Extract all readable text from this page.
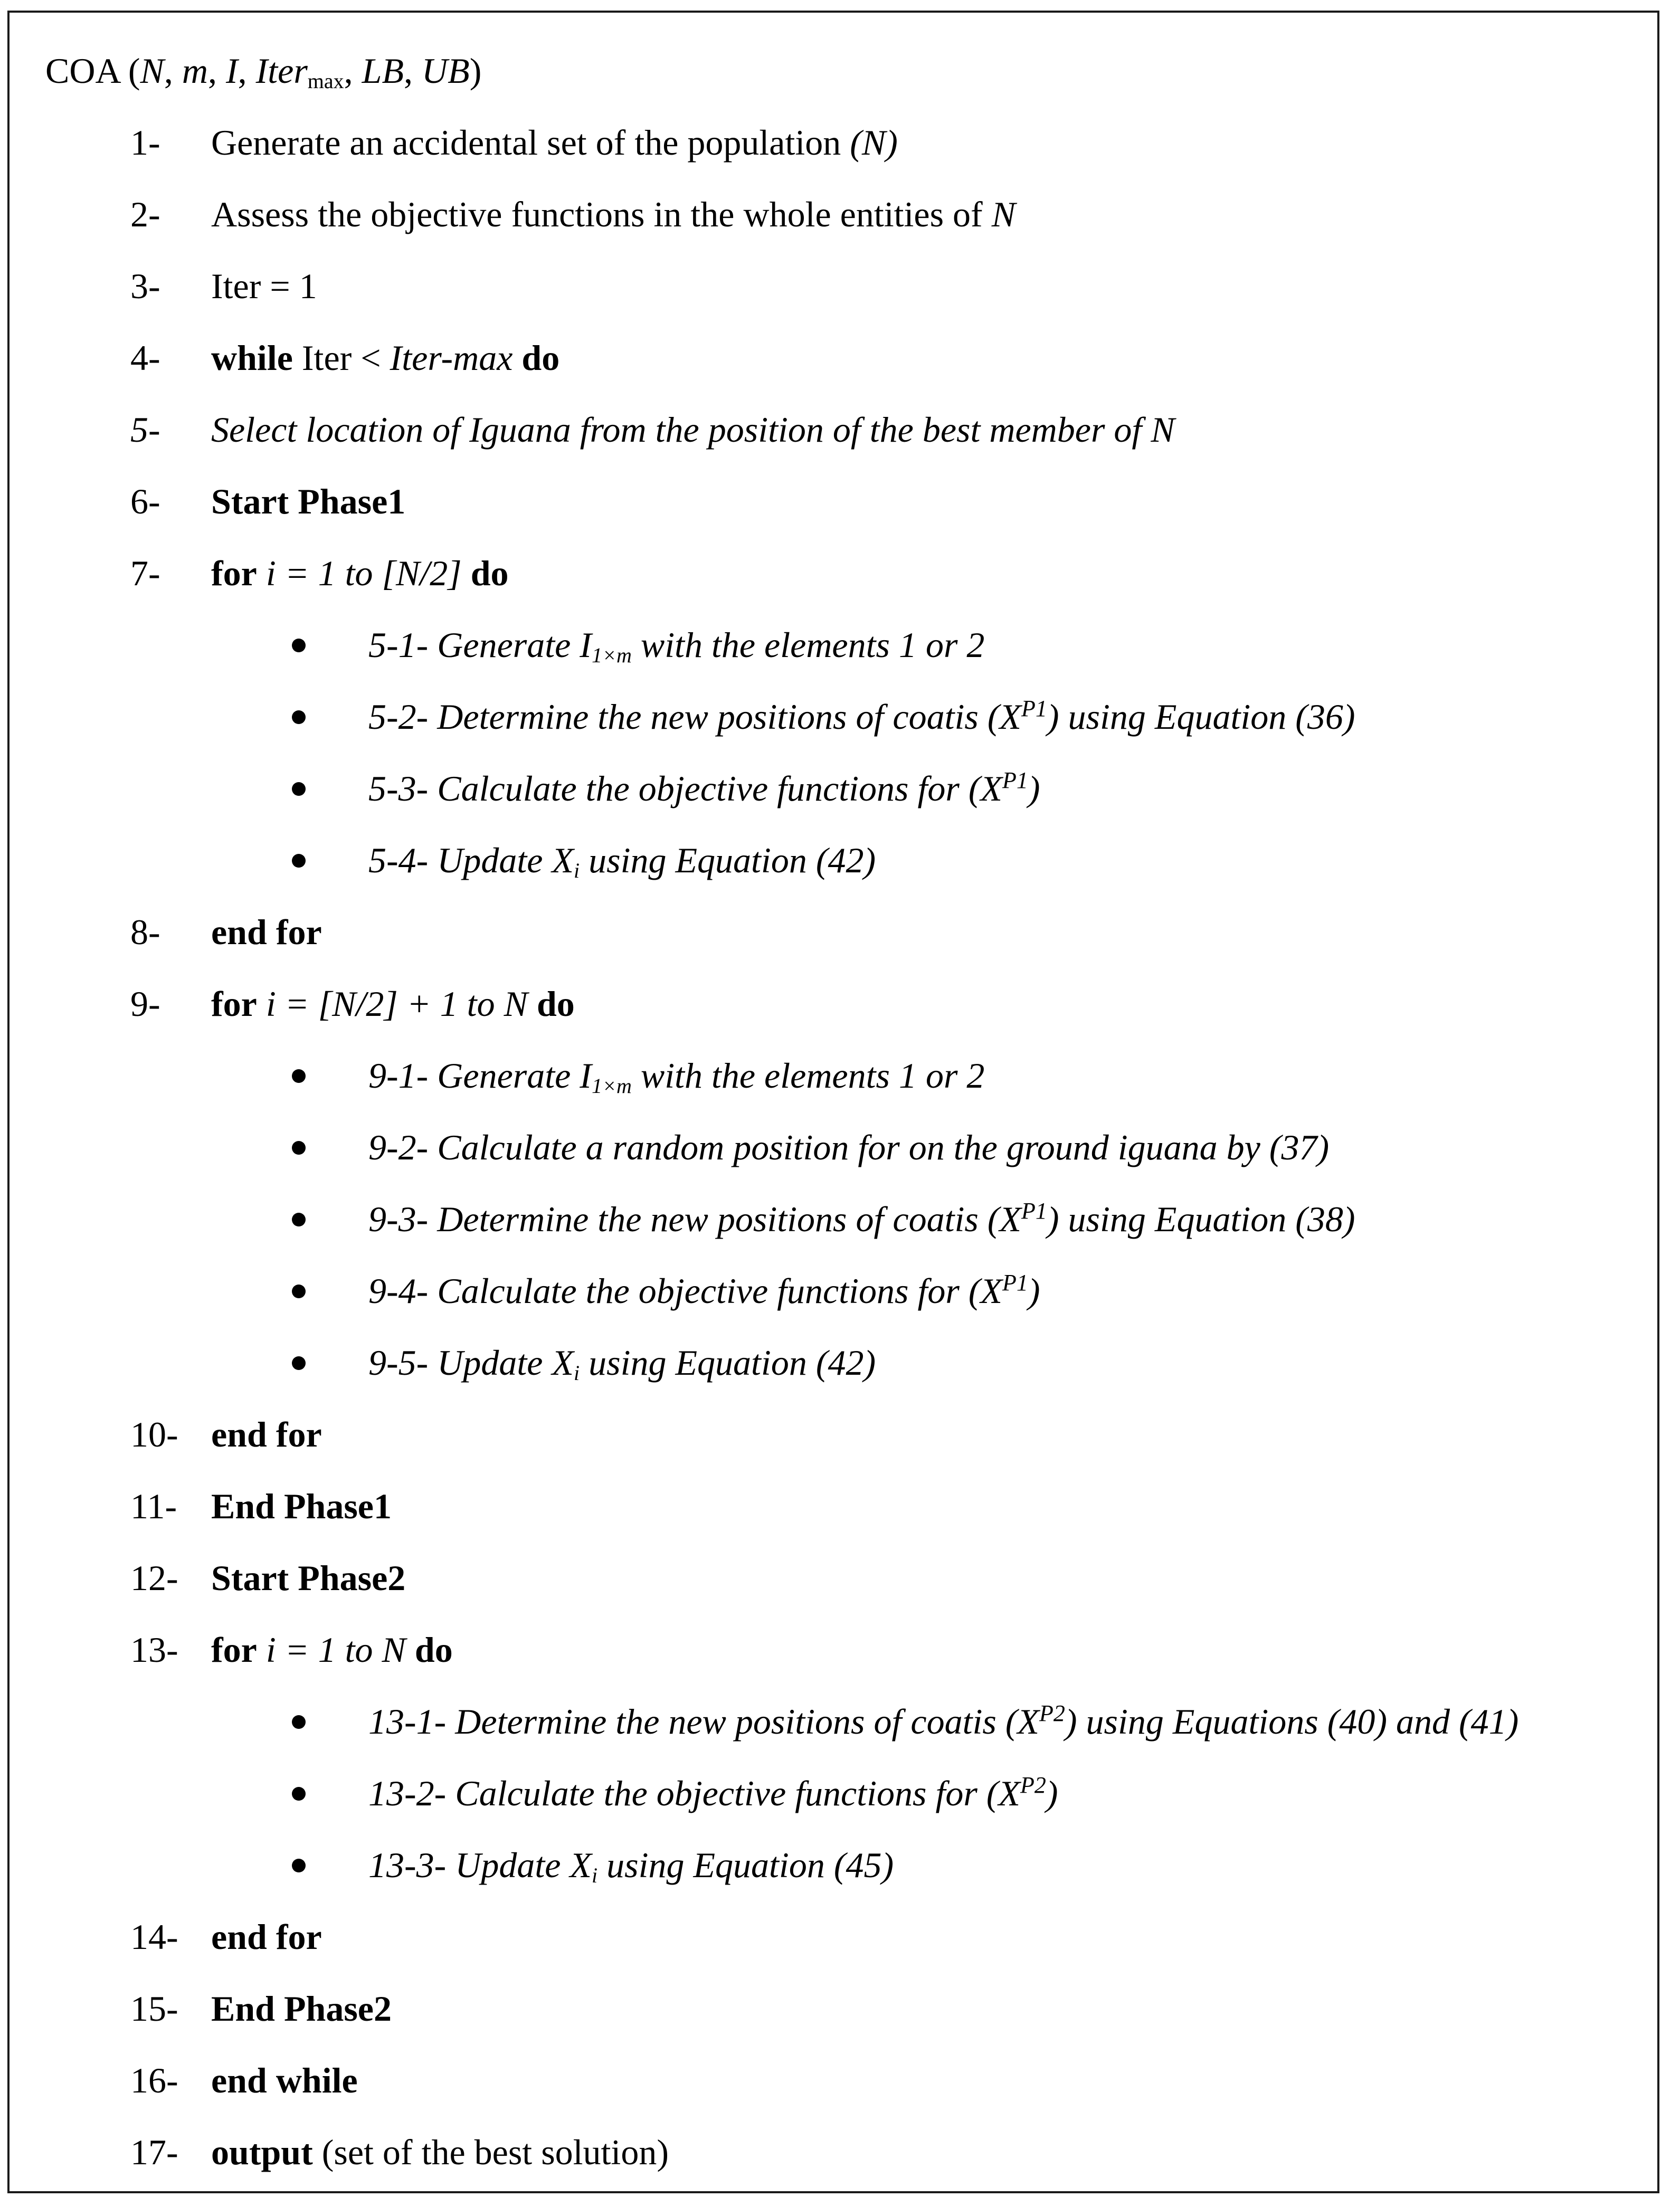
COA (N, m, I, Itermax, LB, UB)
1- Generate an accidental set of the population (N)
2- Assess the objective functions in the whole entities of N
3- Iter = 1
4- while Iter < Iter-max do
5- Select location of Iguana from the position of the best member of N
6- Start Phase1
7- for i = 1 to [N/2] do
5-1- Generate I1×m with the elements 1 or 2
5-2- Determine the new positions of coatis $(X^{P1})$ using Equation (36)
5-3- Calculate the objective functions for $(X^{P1})$
5-4- Update Xi using Equation (42)
8- end for
9- for i = [N/2] + 1 to N do
9-1- Generate I1×m with the elements 1 or 2
9-2- Calculate a random position for on the ground iguana by (37)
9-3- Determine the new positions of coatis $(X^{P1})$ using Equation (38)
9-4- Calculate the objective functions for $(X^{P1})$
9-5- Update Xi using Equation (42)
10- end for
11- End Phase1
12- Start Phase2
13- for i = 1 to N do
13-1- Determine the new positions of coatis $(X^{P2})$ using Equations (40) and (41)
13-2- Calculate the objective functions for $(X^{P2})$
13-3- Update Xi using Equation (45)
14- end for
15- End Phase2
16- end while
17- output (set of the best solution)
